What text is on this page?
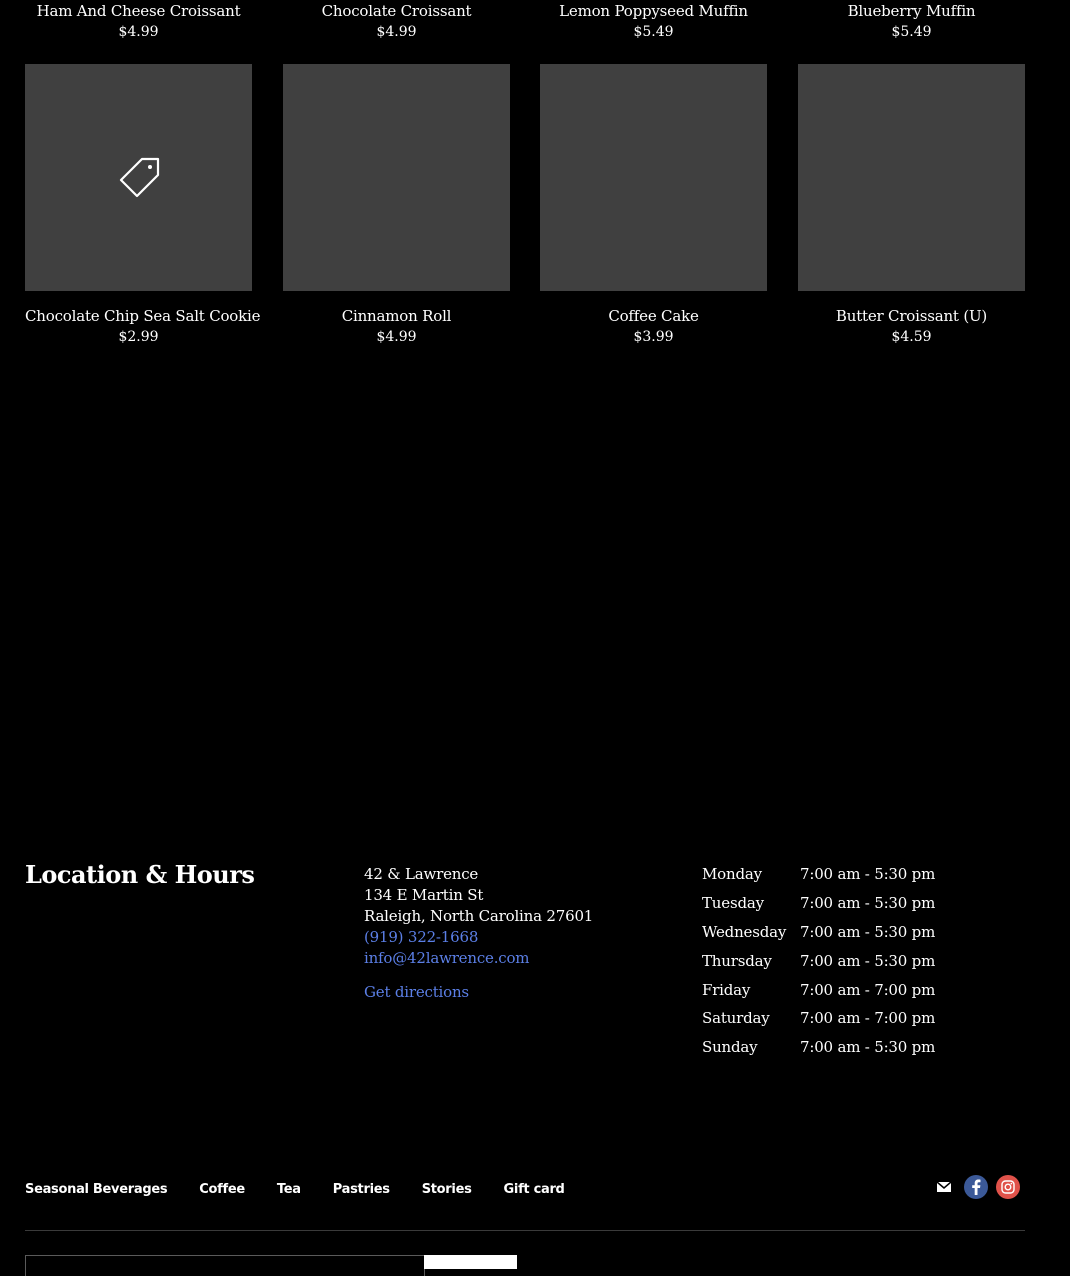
Ham And Cheese Croissant
$4.99
Chocolate Croissant
$4.99
Lemon Poppyseed Muffin
$5.49
Blueberry Muffin
$5.49
Chocolate Chip Sea Salt Cookie
$2.99
Cinnamon Roll
$4.99
Coffee Cake
$3.99
Butter Croissant (U)
$4.59
Location & Hours	42 & Lawrence
134 E Martin St
Raleigh, North Carolina 27601
(919) 322-1668
info@42lawrence.com
Get directions
Monday	7:00 am - 5:30 pm
Tuesday	7:00 am - 5:30 pm
Wednesday 7:00 am - 5:30 pm
Thursday	7:00 am - 5:30 pm
Friday	7:00 am - 7:00 pm
Saturday	7:00 am - 7:00 pm
Sunday	7:00 am - 5:30 pm
Seasonal Beverages Coffee Tea Pastries Stories Gift card
